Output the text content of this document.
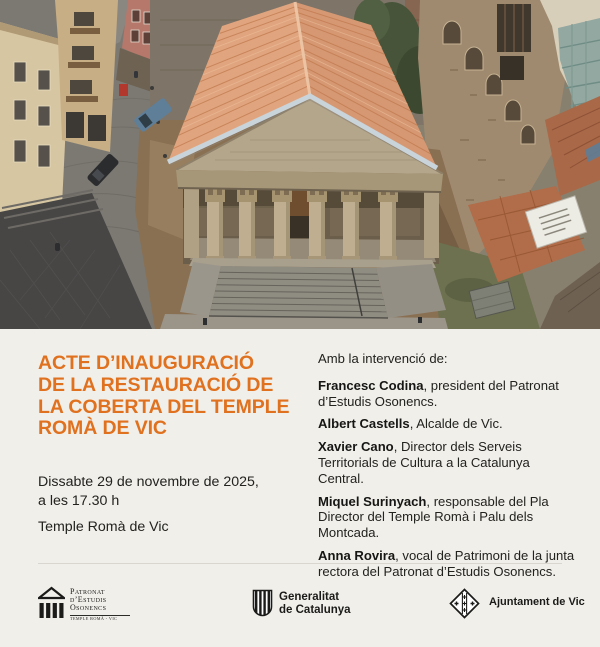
ACTE D’INAUGURACIÓ
DE LA RESTAURACIÓ DE
LA COBERTA DEL TEMPLE
ROMÀ DE VIC
Dissabte 29 de novembre de 2025,
a les 17.30 h
Temple Romà de Vic

Amb la intervenció de:

Francesc Codina, president del Patronat d’Estudis Osonencs.

Albert Castells, Alcalde de Vic.

Xavier Cano, Director dels Serveis Territorials de Cultura a la Catalunya Central.

Miquel Surinyach, responsable del Pla Director del Temple Romà i Palu dels Montcada.

Anna Rovira, vocal de Patrimoni de la junta rectora del Patronat d’Estudis Osonencs.

Patronat
d’Estudis
Osonencs
TEMPLE ROMÀ - VIC
Generalitat
de Catalunya
Ajuntament de Vic
